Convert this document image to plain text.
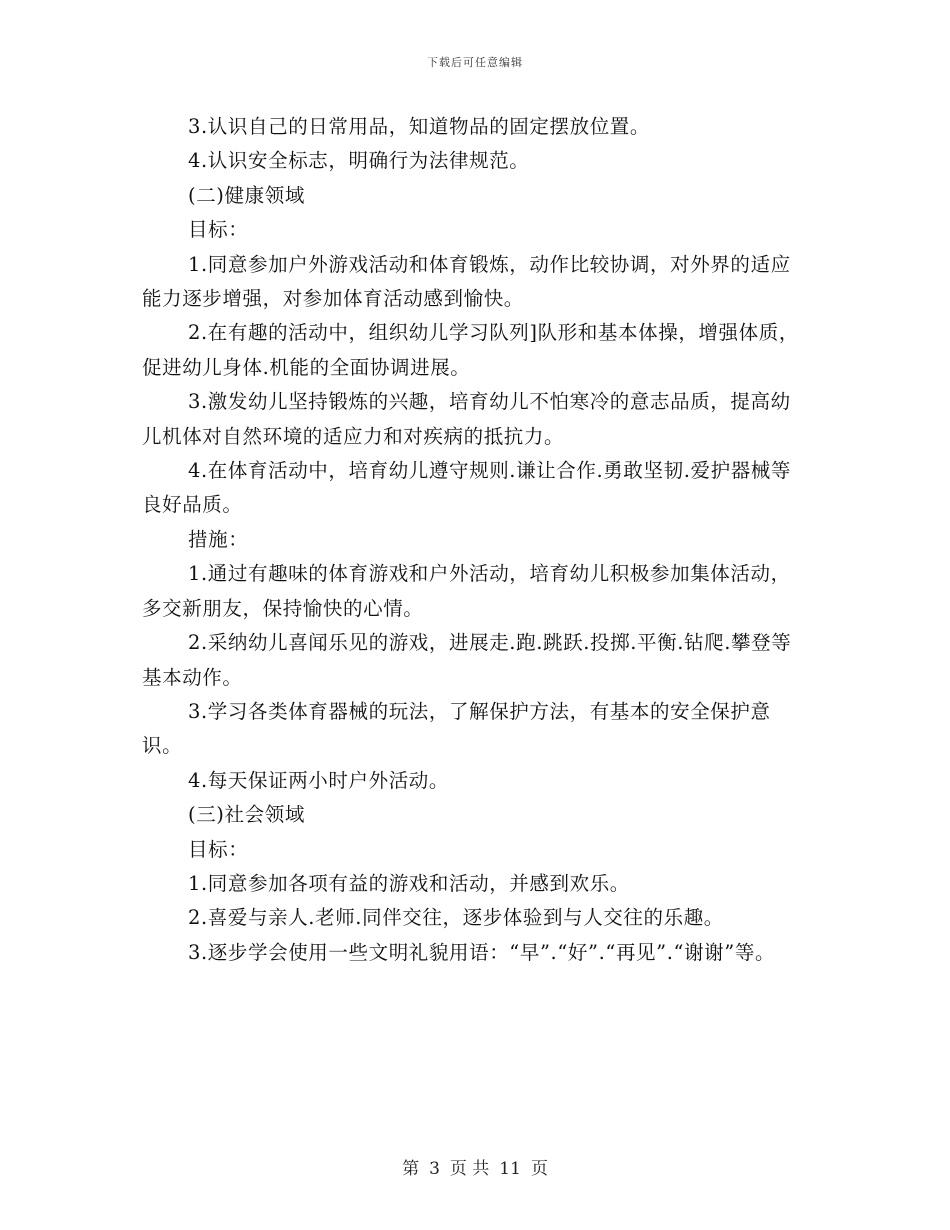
下载后可任意编辑

3.认识自己的日常用品，知道物品的固定摆放位置。

4.认识安全标志，明确行为法律规范。

(二)健康领域

目标：

1.同意参加户外游戏活动和体育锻炼，动作比较协调，对外界的适应能力逐步增强，对参加体育活动感到愉快。

2.在有趣的活动中，组织幼儿学习队列]队形和基本体操，增强体质，促进幼儿身体.机能的全面协调进展。

3.激发幼儿坚持锻炼的兴趣，培育幼儿不怕寒冷的意志品质，提高幼儿机体对自然环境的适应力和对疾病的抵抗力。

4.在体育活动中，培育幼儿遵守规则.谦让合作.勇敢坚韧.爱护器械等良好品质。

措施：

1.通过有趣味的体育游戏和户外活动，培育幼儿积极参加集体活动，多交新朋友，保持愉快的心情。

2.采纳幼儿喜闻乐见的游戏，进展走.跑.跳跃.投掷.平衡.钻爬.攀登等基本动作。

3.学习各类体育器械的玩法，了解保护方法，有基本的安全保护意识。

4.每天保证两小时户外活动。

(三)社会领域

目标：

1.同意参加各项有益的游戏和活动，并感到欢乐。

2.喜爱与亲人.老师.同伴交往，逐步体验到与人交往的乐趣。

3.逐步学会使用一些文明礼貌用语：“早”.“好”.“再见”.“谢谢”等。

第 3 页 共 11 页
